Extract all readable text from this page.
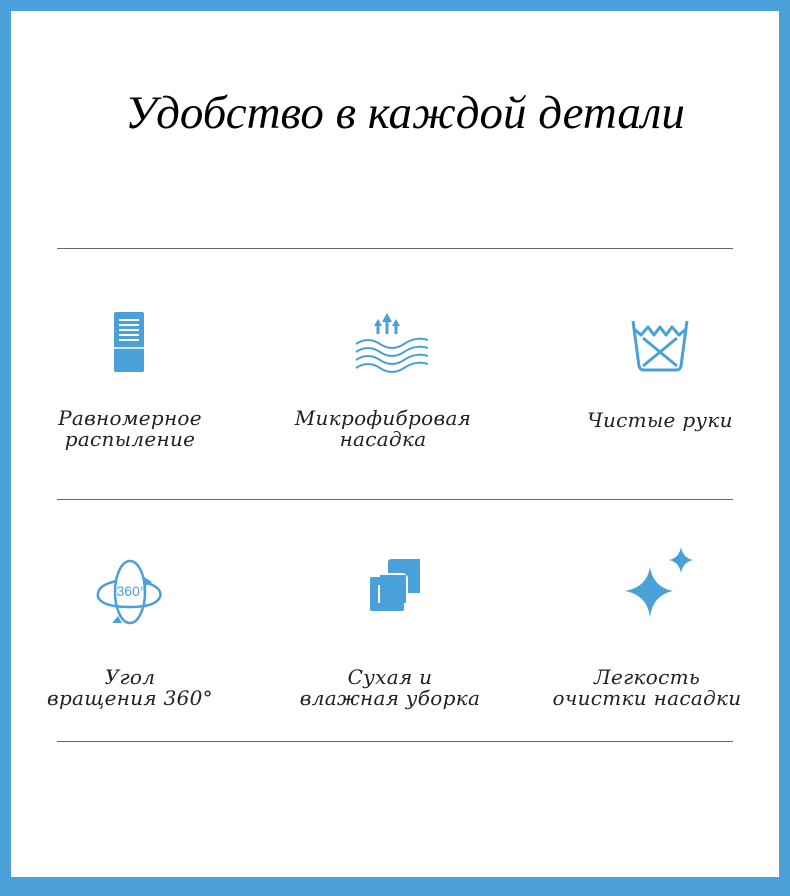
Удобство в каждой детали
Равномерное
распыление
Микрофибровая
насадка
Чистые руки
360°
Угол
вращения 360°
Сухая и
влажная уборка
Легкость
очистки насадки
